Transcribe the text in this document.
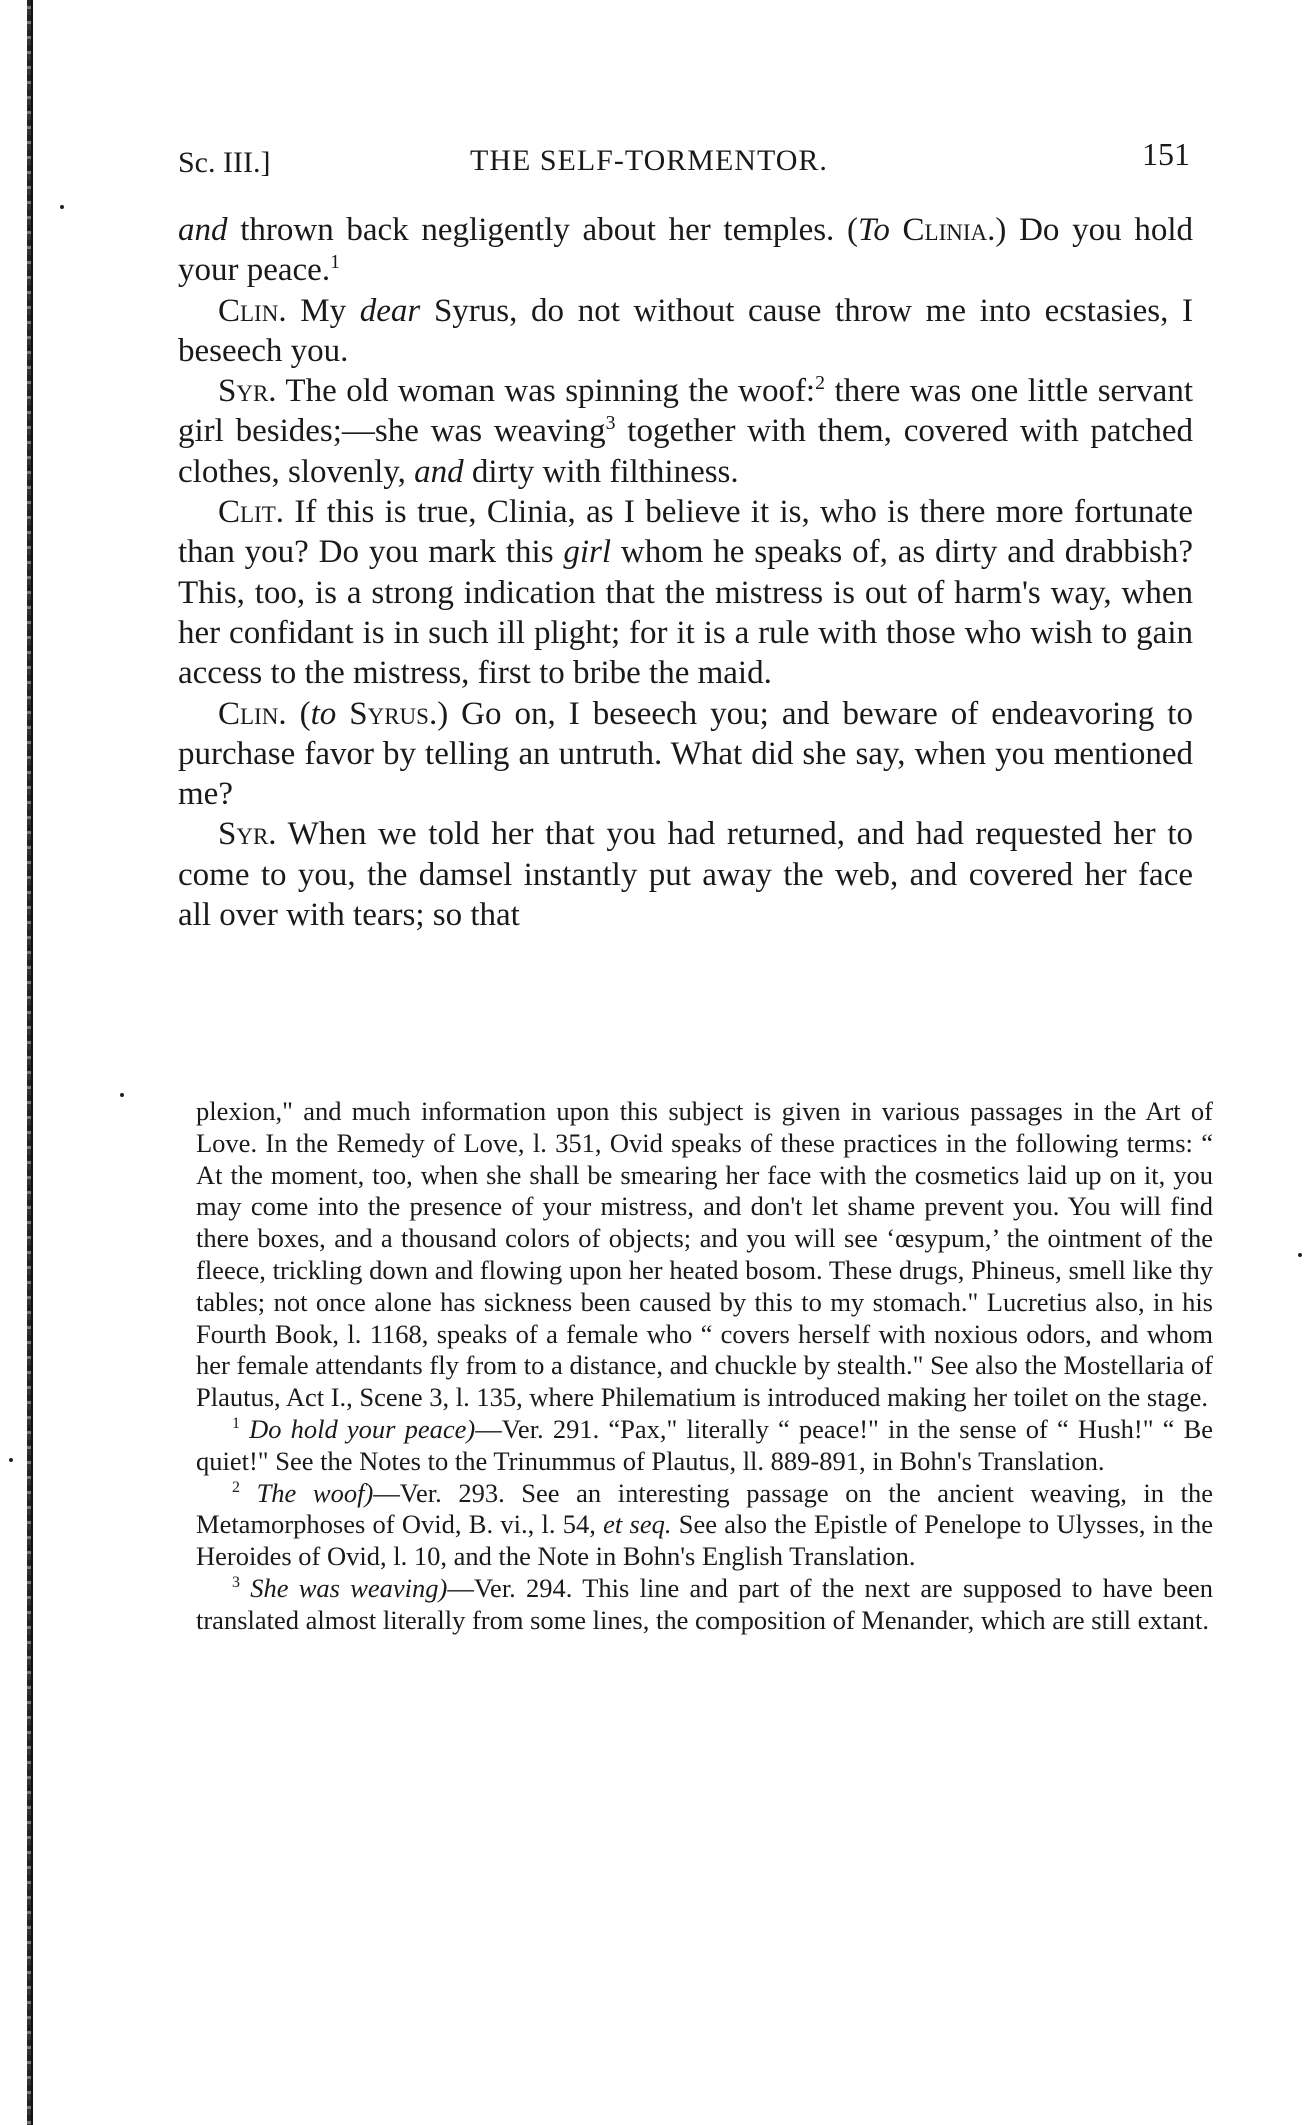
Sc. III.]	THE SELF-TORMENTOR.	151

and thrown back negligently about her temples. (To Clinia.) Do you hold your peace.$^1$

Clin. My dear Syrus, do not without cause throw me into ecstasies, I beseech you.

Syr. The old woman was spinning the woof:$^2$ there was one little servant girl besides;—she was weaving$^3$ together with them, covered with patched clothes, slovenly, and dirty with filthiness.

Clit. If this is true, Clinia, as I believe it is, who is there more fortunate than you? Do you mark this girl whom he speaks of, as dirty and drabbish? This, too, is a strong indication that the mistress is out of harm's way, when her confidant is in such ill plight; for it is a rule with those who wish to gain access to the mistress, first to bribe the maid.

Clin. (to Syrus.) Go on, I beseech you; and beware of endeavoring to purchase favor by telling an untruth. What did she say, when you mentioned me?

Syr. When we told her that you had returned, and had requested her to come to you, the damsel instantly put away the web, and covered her face all over with tears; so that

plexion," and much information upon this subject is given in various passages in the Art of Love. In the Remedy of Love, l. 351, Ovid speaks of these practices in the following terms: “ At the moment, too, when she shall be smearing her face with the cosmetics laid up on it, you may come into the presence of your mistress, and don't let shame prevent you. You will find there boxes, and a thousand colors of objects; and you will see ‘œsypum,’ the ointment of the fleece, trickling down and flowing upon her heated bosom. These drugs, Phineus, smell like thy tables; not once alone has sickness been caused by this to my stomach." Lucretius also, in his Fourth Book, l. 1168, speaks of a female who “ covers herself with noxious odors, and whom her female attendants fly from to a distance, and chuckle by stealth." See also the Mostellaria of Plautus, Act I., Scene 3, l. 135, where Philematium is introduced making her toilet on the stage.

$^1$ Do hold your peace)—Ver. 291. “Pax," literally “ peace!" in the sense of “ Hush!" “ Be quiet!" See the Notes to the Trinummus of Plautus, ll. 889-891, in Bohn's Translation.

$^2$ The woof)—Ver. 293. See an interesting passage on the ancient weaving, in the Metamorphoses of Ovid, B. vi., l. 54, et seq. See also the Epistle of Penelope to Ulysses, in the Heroides of Ovid, l. 10, and the Note in Bohn's English Translation.

$^3$ She was weaving)—Ver. 294. This line and part of the next are supposed to have been translated almost literally from some lines, the composition of Menander, which are still extant.
